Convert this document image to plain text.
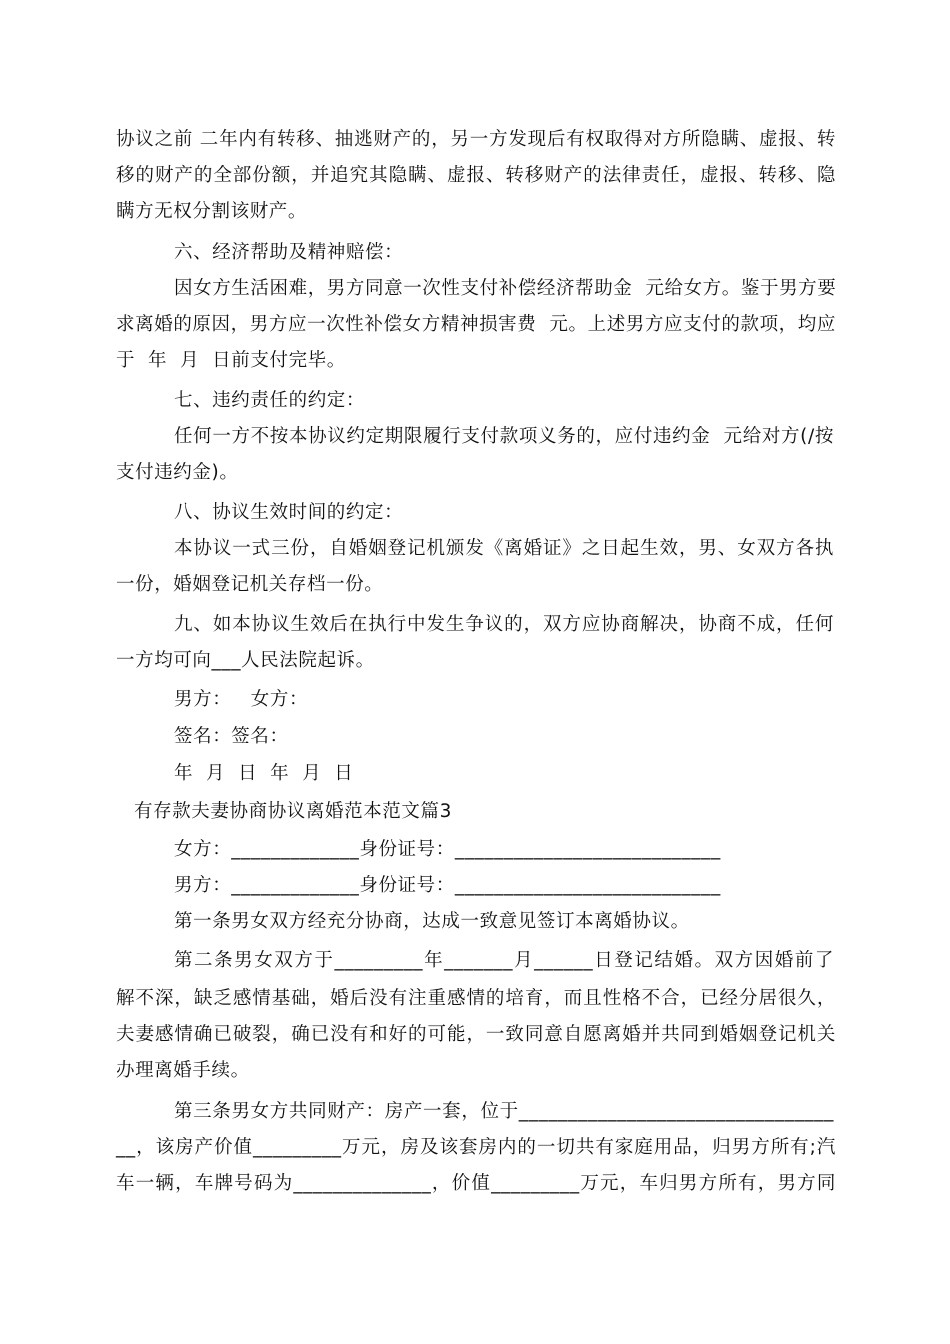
协议之前 二年内有转移、抽逃财产的，另一方发现后有权取得对方所隐瞒、虚报、转
移的财产的全部份额，并追究其隐瞒、虚报、转移财产的法律责任，虚报、转移、隐
瞒方无权分割该财产。
六、经济帮助及精神赔偿：
因女方生活困难，男方同意一次性支付补偿经济帮助金  元给女方。鉴于男方要
求离婚的原因，男方应一次性补偿女方精神损害费  元。上述男方应支付的款项，均应
于  年  月  日前支付完毕。
七、违约责任的约定：
任何一方不按本协议约定期限履行支付款项义务的，应付违约金  元给对方(/按
支付违约金)。
八、协议生效时间的约定：
本协议一式三份，自婚姻登记机颁发《离婚证》之日起生效，男、女双方各执
一份，婚姻登记机关存档一份。
九、如本协议生效后在执行中发生争议的，双方应协商解决，协商不成，任何
一方均可向___人民法院起诉。
男方：   女方：
签名：签名：
年  月  日  年  月  日
有存款夫妻协商协议离婚范本范文篇3
女方：_____________身份证号：___________________________
男方：_____________身份证号：___________________________
第一条男女双方经充分协商，达成一致意见签订本离婚协议。
第二条男女双方于_________年_______月______日登记结婚。双方因婚前了
解不深，缺乏感情基础，婚后没有注重感情的培育，而且性格不合，已经分居很久，
夫妻感情确已破裂，确已没有和好的可能，一致同意自愿离婚并共同到婚姻登记机关
办理离婚手续。
第三条男女方共同财产：房产一套，位于________________________________
__，该房产价值_________万元，房及该套房内的一切共有家庭用品，归男方所有;汽
车一辆，车牌号码为______________，价值_________万元，车归男方所有，男方同
